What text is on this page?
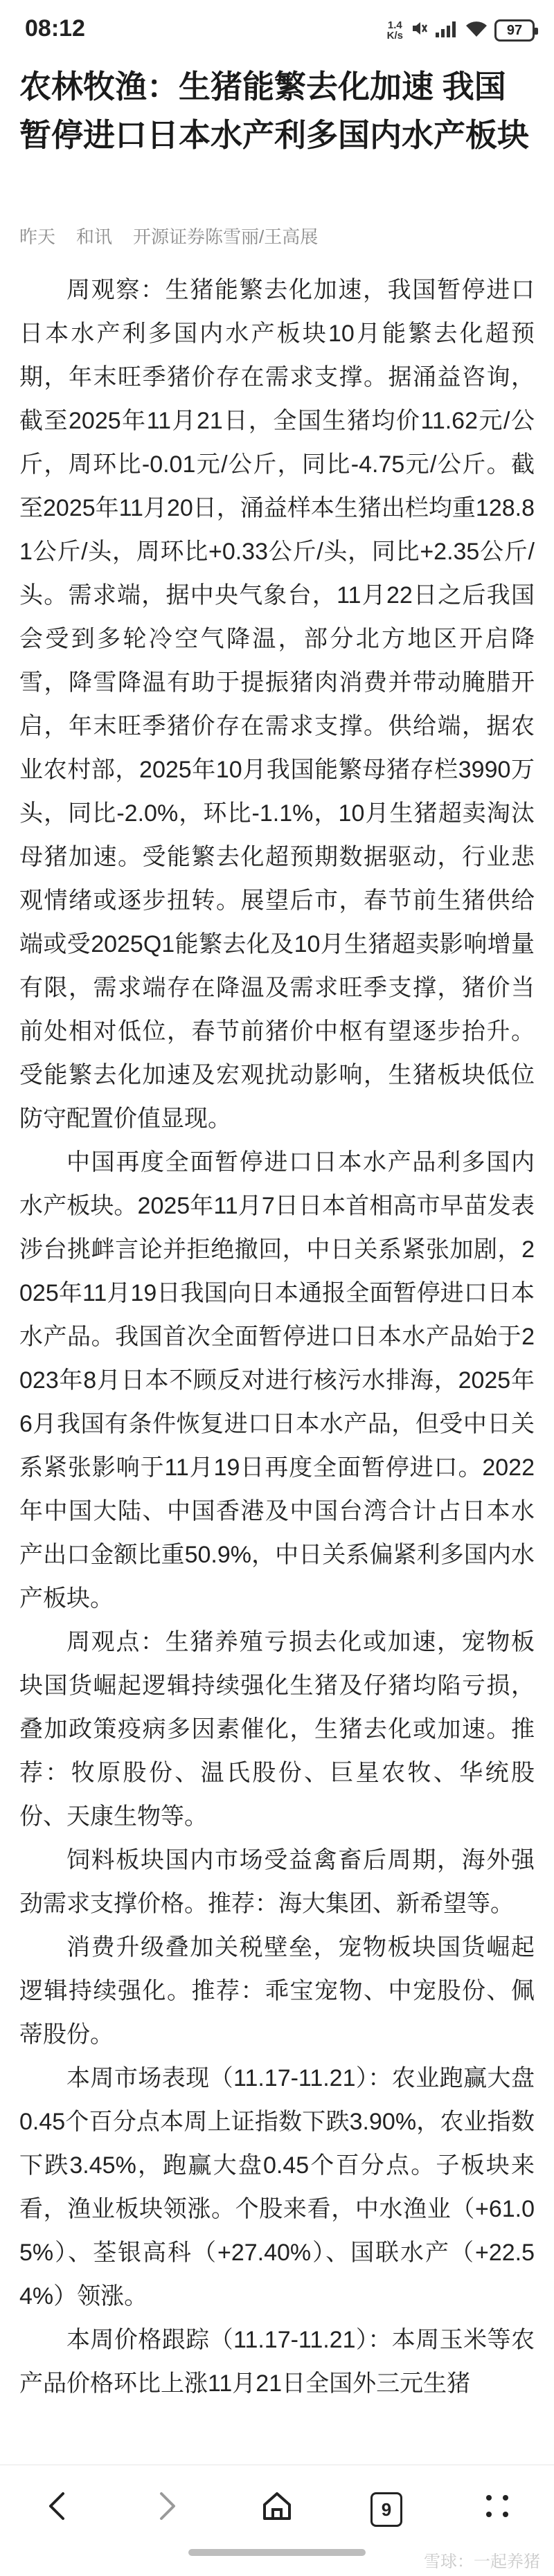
08:12	1.4
K/s	97
农林牧渔：生猪能繁去化加速 我国暂停进口日本水产利多国内水产板块
昨天 和讯 开源证券陈雪丽/王高展

周观察：生猪能繁去化加速，我国暂停进口日本水产利多国内水产板块10月能繁去化超预期，年末旺季猪价存在需求支撑。据涌益咨询，截至2025年11月21日，全国生猪均价11.62元/公斤，周环比-0.01元/公斤，同比-4.75元/公斤。截至2025年11月20日，涌益样本生猪出栏均重128.81公斤/头，周环比+0.33公斤/头，同比+2.35公斤/头。需求端，据中央气象台，11月22日之后我国会受到多轮冷空气降温，部分北方地区开启降雪，降雪降温有助于提振猪肉消费并带动腌腊开启，年末旺季猪价存在需求支撑。供给端，据农业农村部，2025年10月我国能繁母猪存栏3990万头，同比-2.0%，环比-1.1%，10月生猪超卖淘汰母猪加速。受能繁去化超预期数据驱动，行业悲观情绪或逐步扭转。展望后市，春节前生猪供给端或受2025Q1能繁去化及10月生猪超卖影响增量有限，需求端存在降温及需求旺季支撑，猪价当前处相对低位，春节前猪价中枢有望逐步抬升。受能繁去化加速及宏观扰动影响，生猪板块低位防守配置价值显现。

中国再度全面暂停进口日本水产品利多国内水产板块。2025年11月7日日本首相高市早苗发表涉台挑衅言论并拒绝撤回，中日关系紧张加剧，2025年11月19日我国向日本通报全面暂停进口日本水产品。我国首次全面暂停进口日本水产品始于2023年8月日本不顾反对进行核污水排海，2025年6月我国有条件恢复进口日本水产品，但受中日关系紧张影响于11月19日再度全面暂停进口。2022年中国大陆、中国香港及中国台湾合计占日本水产出口金额比重50.9%，中日关系偏紧利多国内水产板块。

周观点：生猪养殖亏损去化或加速，宠物板块国货崛起逻辑持续强化生猪及仔猪均陷亏损，叠加政策疫病多因素催化，生猪去化或加速。推荐：牧原股份、温氏股份、巨星农牧、华统股份、天康生物等。

饲料板块国内市场受益禽畜后周期，海外强劲需求支撑价格。推荐：海大集团、新希望等。

消费升级叠加关税壁垒，宠物板块国货崛起逻辑持续强化。推荐：乖宝宠物、中宠股份、佩蒂股份。

本周市场表现（11.17-11.21）：农业跑赢大盘0.45个百分点本周上证指数下跌3.90%，农业指数下跌3.45%，跑赢大盘0.45个百分点。子板块来看，渔业板块领涨。个股来看，中水渔业（+61.05%）、荃银高科（+27.40%）、国联水产（+22.54%）领涨。

本周价格跟踪（11.17-11.21）：本周玉米等农产品价格环比上涨11月21日全国外三元生猪

9
雪球：一起养猪
